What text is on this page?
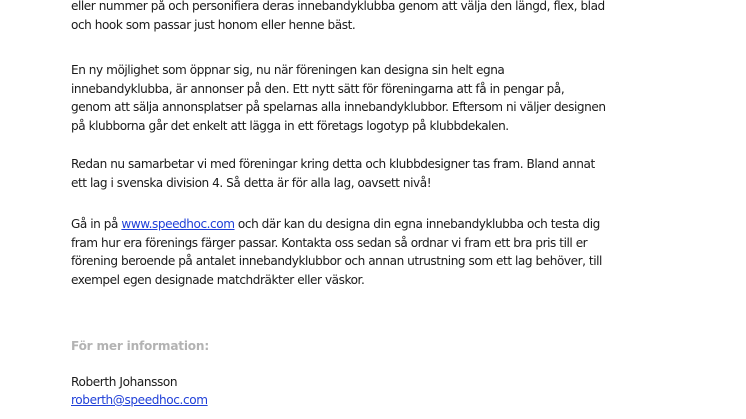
eller nummer på och personifiera deras innebandyklubba genom att välja den längd, flex, blad
och hook som passar just honom eller henne bäst.

En ny möjlighet som öppnar sig, nu när föreningen kan designa sin helt egna
innebandyklubba, är annonser på den. Ett nytt sätt för föreningarna att få in pengar på,
genom att sälja annonsplatser på spelarnas alla innebandyklubbor. Eftersom ni väljer designen
på klubborna går det enkelt att lägga in ett företags logotyp på klubbdekalen.

Redan nu samarbetar vi med föreningar kring detta och klubbdesigner tas fram. Bland annat
ett lag i svenska division 4. Så detta är för alla lag, oavsett nivå!

Gå in på www.speedhoc.com och där kan du designa din egna innebandyklubba och testa dig
fram hur era förenings färger passar. Kontakta oss sedan så ordnar vi fram ett bra pris till er
förening beroende på antalet innebandyklubbor och annan utrustning som ett lag behöver, till
exempel egen designade matchdräkter eller väskor.

För mer information:

Roberth Johansson
roberth@speedhoc.com
